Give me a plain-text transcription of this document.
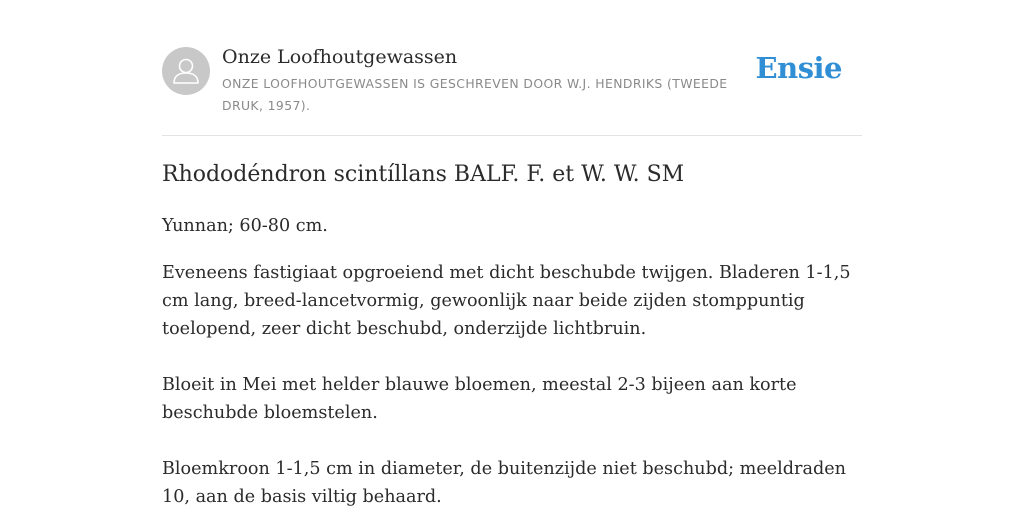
Onze Loofhoutgewassen
ONZE LOOFHOUTGEWASSEN IS GESCHREVEN DOOR W.J. HENDRIKS (TWEEDE DRUK, 1957).
Ensie
Rhododéndron scintíllans BALF. F. et W. W. SM

Yunnan; 60-80 cm.

Eveneens fastigiaat opgroeiend met dicht beschubde twijgen. Bladeren 1-1,5 cm lang, breed-lancetvormig, gewoonlijk naar beide zijden stomppuntig toelopend, zeer dicht beschubd, onderzijde lichtbruin.

Bloeit in Mei met helder blauwe bloemen, meestal 2-3 bijeen aan korte beschubde bloemstelen.

Bloemkroon 1-1,5 cm in diameter, de buitenzijde niet beschubd; meeldraden 10, aan de basis viltig behaard.
